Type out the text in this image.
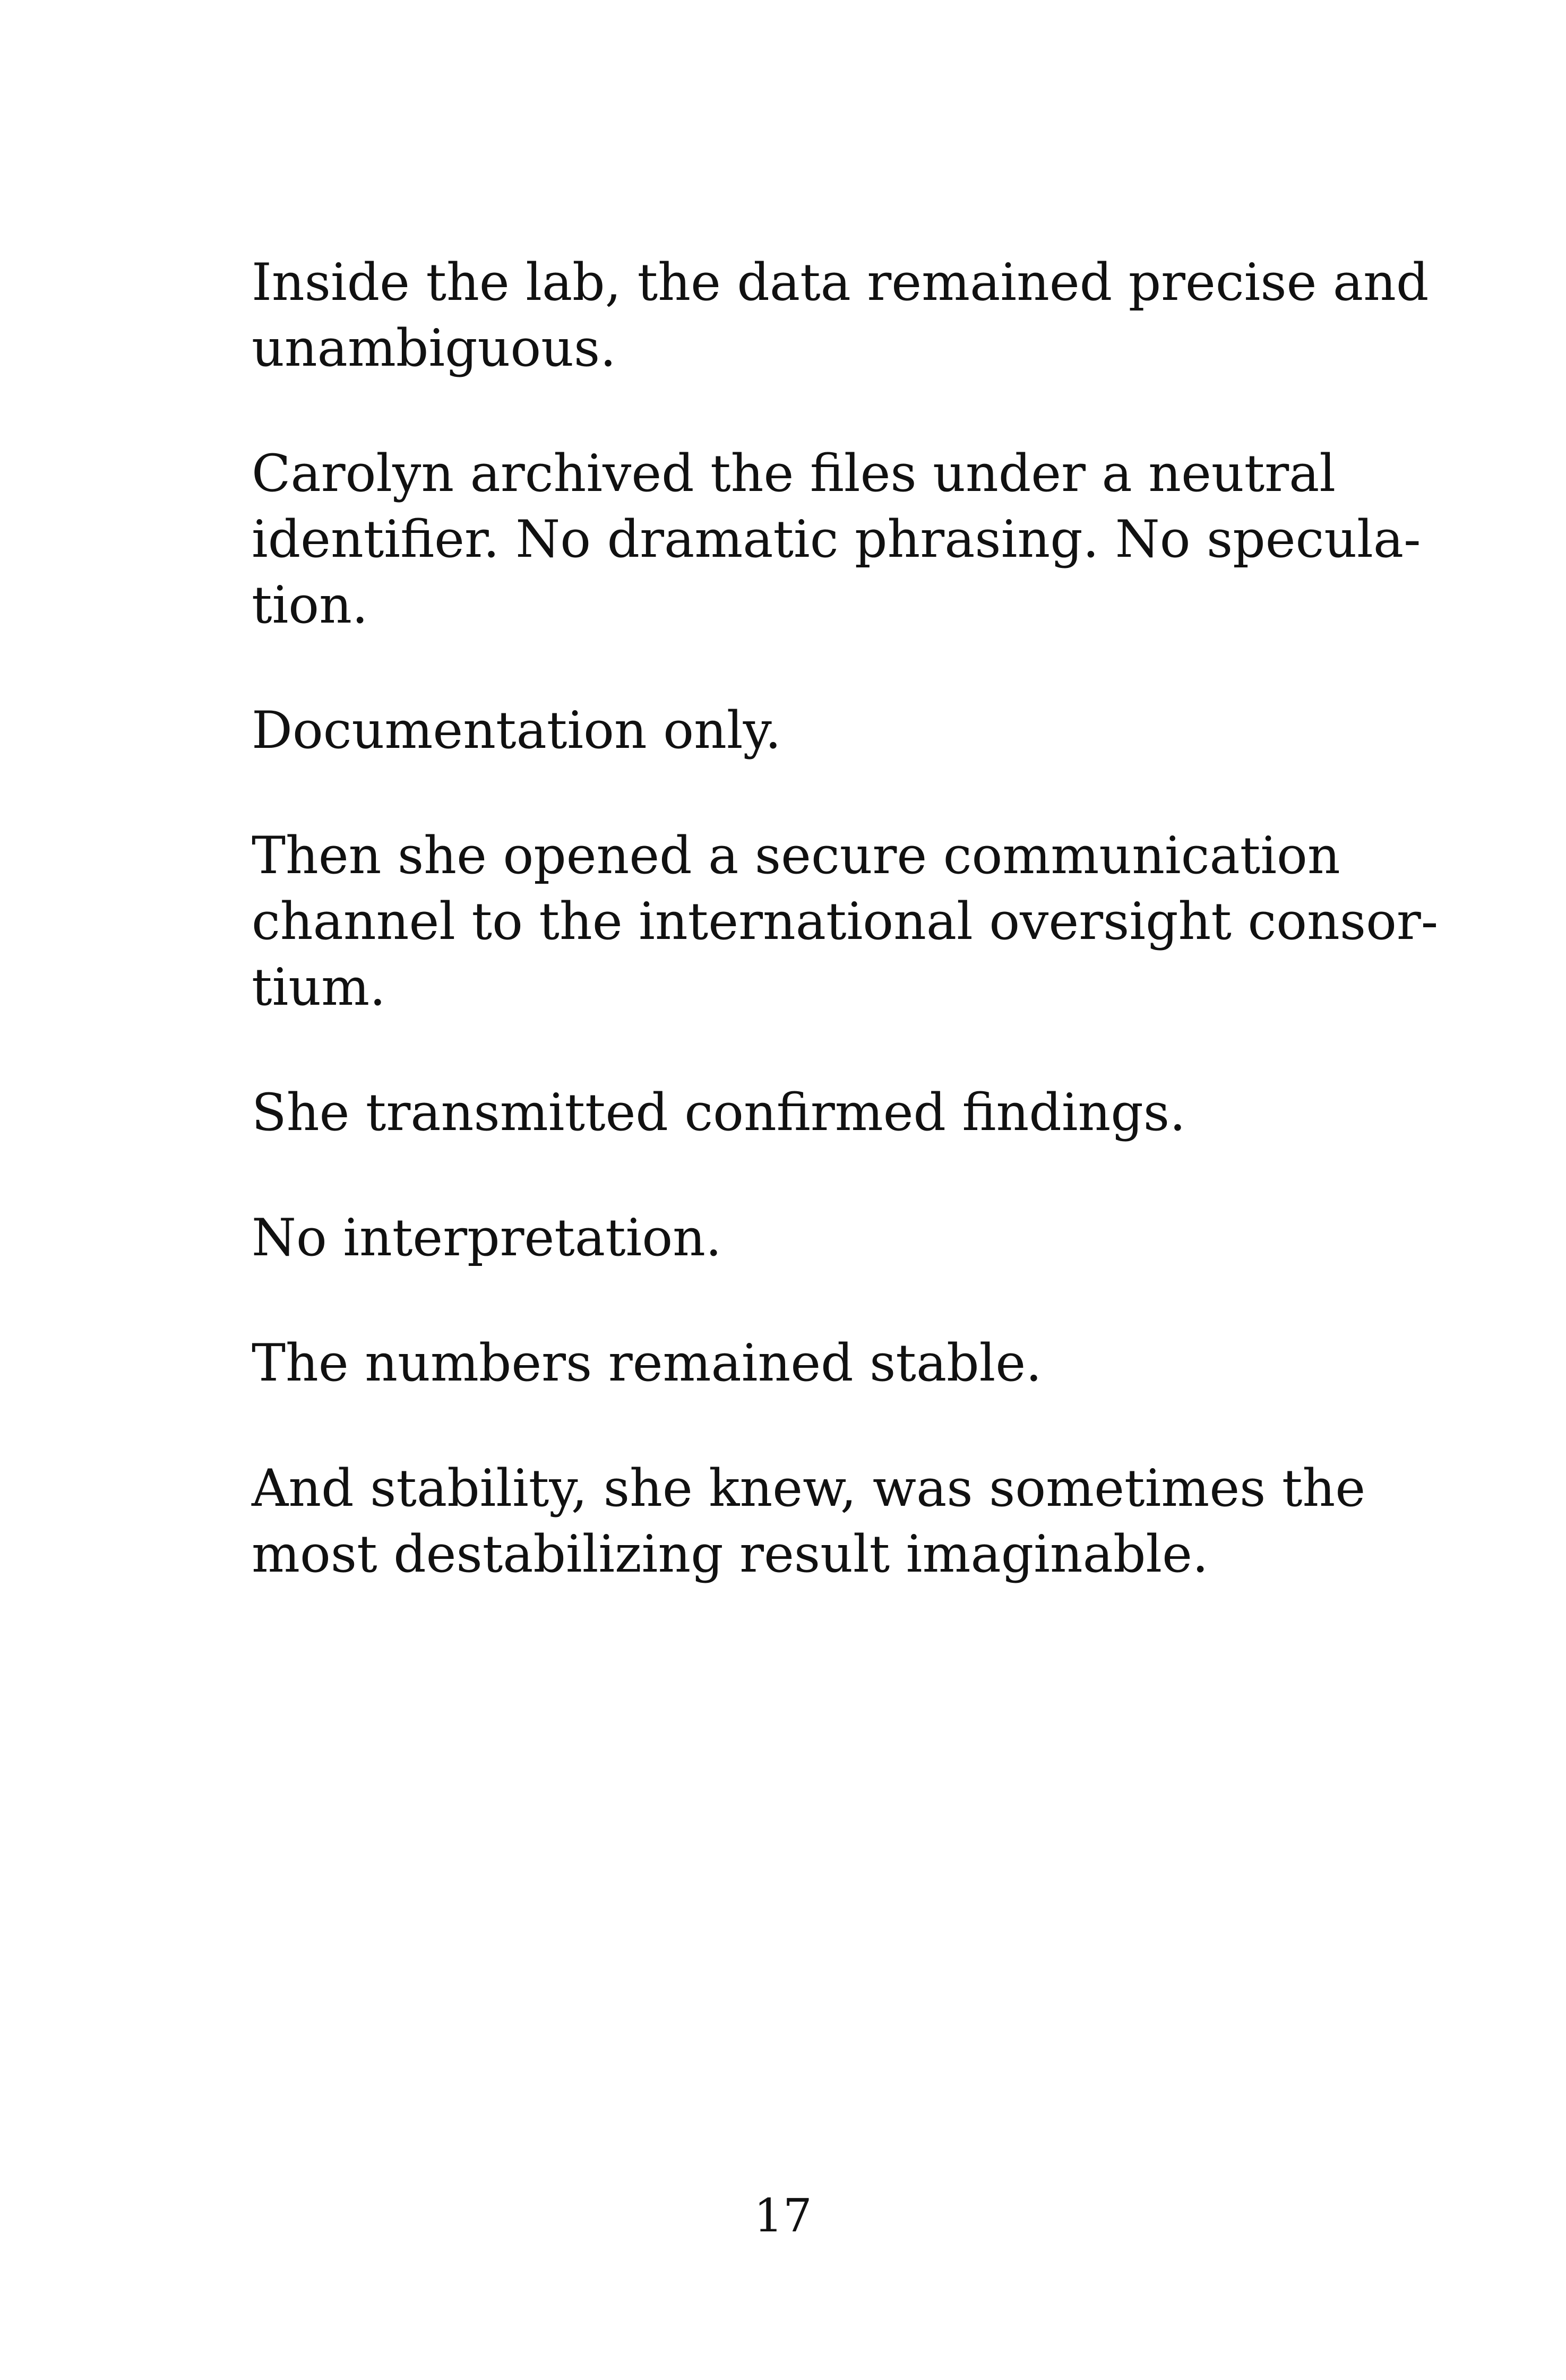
Inside the lab, the data remained precise and
unambiguous.

Carolyn archived the files under a neutral
identifier. No dramatic phrasing. No specula-
tion.

Documentation only.

Then she opened a secure communication
channel to the international oversight consor-
tium.

She transmitted confirmed findings.

No interpretation.

The numbers remained stable.

And stability, she knew, was sometimes the
most destabilizing result imaginable.

17
